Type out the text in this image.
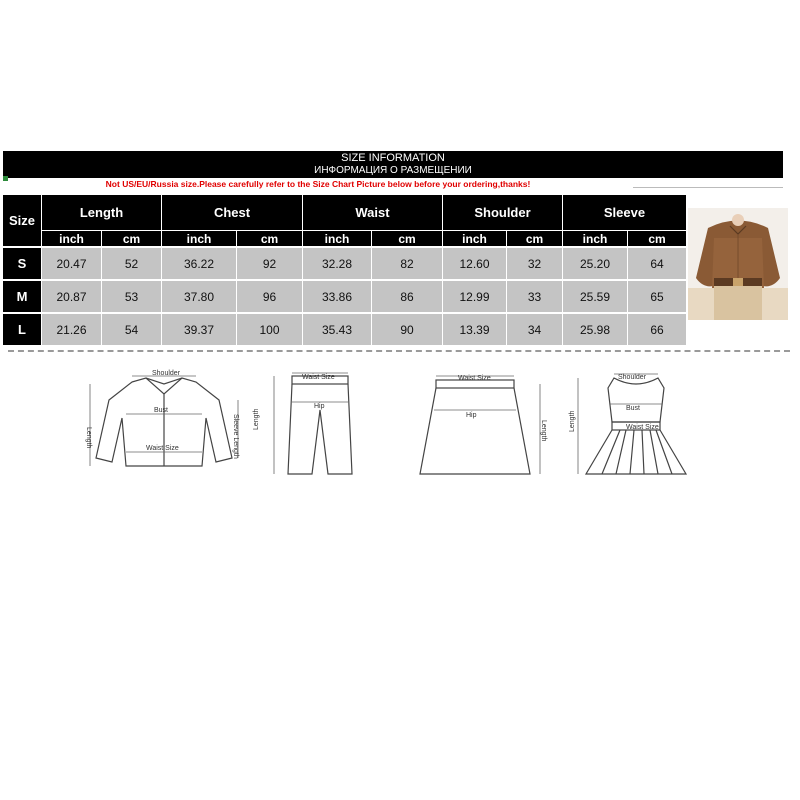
SIZE INFORMATION
ИНФОРМАЦИЯ О РАЗМЕЩЕНИИ
Not US/EU/Russia size.Please carefully refer to the Size Chart Picture below before your ordering,thanks!
Size
Length	Chest	Waist	Shoulder	Sleeve
inch	cm	inch	cm	inch	cm	inch	cm	inch	cm
S	20.47	52	36.22	92	32.28	82	12.60	32	25.20	64
M	20.87	53	37.80	96	33.86	86	12.99	33	25.59	65
L	21.26	54	39.37	100	35.43	90	13.39	34	25.98	66
Shoulder
Bust
Waist Size
Length	Sleeve Length
Waist Size
Hip
Length
Waist Size
Hip
Length
Shoulder
Bust
Waist Size
Length
